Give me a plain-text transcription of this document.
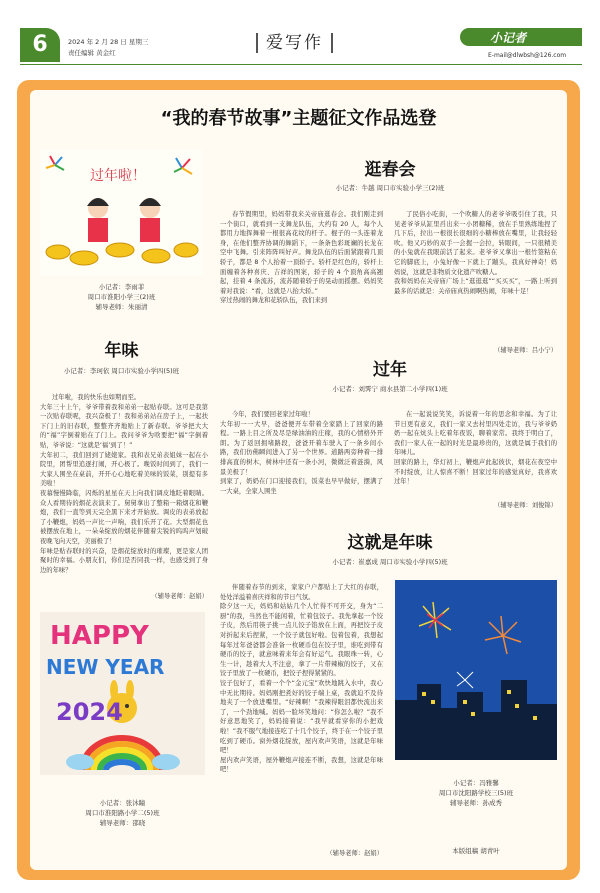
6	2024 年 2 月 28 日 星期三
责任编辑 黄金红	爱写作	小记者
E-mail@dlwbsh@126.com
“我的春节故事”主题征文作品选登
过年啦！
小记者：李雨菲
周口市淮阳小学三(2)班
辅导老师：朱丽清
逛春会
小记者：牛越 周口市实验小学三(2)班

春节假期里，妈妈带我来关帝庙逛春会。我们刚走到一个街口，就看到一支舞龙队伍，大约有 20 人，每个人都用力地挥舞着一根很高花纹的杆子。棍子的一头连着龙身，在他们整齐协调的舞蹈下，一条条色彩斑斓的长龙在空中飞舞。引来阵阵叫好声。舞龙队伍的后面紧跟着几顶轿子，都是 8 个人抬着一顶轿子。轿杆是红色的，轿杆上面缠着各种喜庆、吉祥的图案，轿子的 4 个顶角高高翘起，挂着 4 条流苏，流苏随着轿子的晃动而摇摆。妈妈笑着对我说：“看，这就是八抬大轿。”
穿过热闹的舞龙和花轿队伍，我们来到

了民俗小吃街，一个吹糖人的老爷爷吸引住了我，只见老爷爷从缸里舀出来一小团糖稀，放在手里熟练地捏了几下后，拉出一根很长很细的小糖棒放在嘴里，让我轻轻吹。他又巧妙的双手一会握一会拉，转眼间，一只很精美的小兔就在我眼前活了起来。老爷爷又拿出一根竹签粘在它的脚底上，小兔好像一下就上了蹦头，我真好神奇！妈妈说，这就是非物质文化遗产吹糖人。
我和妈妈在关帝庙广场上“逛逛逛”“买买买”，一路上听到最多的话就是：关帝庙真热闹啊热闹，年味十足！

（辅导老师：吕小宁）
年味
小记者：李珂依 周口市实验小学四(5)班

过年啦，我的快乐也如期而至。
大年三十上午，爷爷带着我和弟弟一起贴春联。这可是我第一次贴春联呢，我兴奋极了！我和弟弟站在房子上，一起扶下门上的旧春联，整整齐齐地贴上了新春联。爷爷把大大的“福”字倒着贴在了门上。我问爷爷为啥要把“福”字倒着贴，爷爷说：“这就是‘福’到了！”
大年初二，我们回到了姥姥家。我和表兄弟表姐妹一起在小院里，团帮里追逐打闹，开心极了。晚饭时间到了，我们一大家人围坐在桌前，开开心心地吃着美味的饭菜，别提有多美啦！
夜幕慢慢降临，闪烁的星星在天上向我们调皮地眨着眼睛。众人看期待的烟花表演来了。舅舅拿出了整箱一箱烟花和鞭炮，我们一直等到天完全黑下来才开始放。调皮的表弟放起了小鞭炮，妈妈一声比一声响，我们乐开了花。大型烟花也被摆放在地上，一朵朵绽放的烟花伴随着尖锐的呜呜声划破夜晚飞向天空，美丽极了！
年味是贴春联时的兴奋，是烟花绽放时的璀璨，更是家人团聚时的幸福。小朋友们，你们是否同我一样，也感受到了身边的年味？

（辅导老师：赵娟）
过年
小记者：刘霁宁 商水县第二小学四(1)班

今年，我们要回老家过年啦！
大年初一一大早，爸爸便开车带着全家踏上了回家的路程。一路上目之所及尽是绿油油的庄稼，我的心情格外开朗。为了返回拥堵路段，爸爸开着车驶入了一条乡间小路，我们仿佛瞬间进入了另一个世界。道路两旁种着一排排高直的树木，树林中还有一条小河，微微泛着涟漪，风景美极了！
到家了，奶奶在门口迎接我们，饭菜也早早做好，摆满了一大桌，全家人围坐

在一起说说笑笑，诉说着一年的思念和幸福。为了让节日更有意义，我们一家又去村里四处走访，我与爷爷奶奶一起在炕头上吃着年夜饭，聊着家常。我终于明白了，我们一家人在一起的时光是最珍贵的，这就是属于我们的年味儿。
回家的路上，华灯初上，鞭炮声此起彼伏，烟花在夜空中不时绽放，让人惊喜不断！回家过年的感觉真好，我喜欢过年！

（辅导老师：刘俊锦）
这就是年味
小记者：崔嘉成 周口市实验小学四(5)班

伴随着春节的到来，家家户户都贴上了大红的春联，处处洋溢着喜庆祥和的节日气氛。
除夕这一天，妈妈和姑姑几个人忙得不可开交，身为“二厨”的我，当然也不能闲着，忙着包饺子。我先拿起一个饺子皮，然后用筷子挑一点儿饺子馅放在上面，再把饺子皮对折起来后捏紧，一个饺子就包好啦。包着包着，我想起每年过年爸爸都会准备一枚硬币包在饺子里，谁吃到带有硬币的饺子，就意味着来年会有好运气。我眼珠一转，心生一计，趁着大人不注意，拿了一片带辣椒的饺子，又在饺子里放了一枚硬币，把饺子捏得紧紧的。
饺子包好了，看着一个个“金元宝”欢快地跳入水中，我心中无比期待。妈妈刚把煮好的饺子端上桌，我就迫不及待地夹了一个放进嘴里。“好辣啊！”我辣得眼泪都快流出来了，一个劲地喊。妈妈一脸坏笑地问：“你怎么啦？”我不好意思地笑了，妈妈接着说：“我早就看穿你的小把戏啦！”我不服气地接连吃了十几个饺子，终于在一个饺子里吃到了硬币。窗外烟花绽放，屋内欢声笑语，这就是年味吧！
屋内欢声笑语，屋外鞭炮声接连不断，我想，这就是年味吧！

（辅导老师：赵娟）
HAPPY
NEW YEAR
2024
小记者：张沐瞳
周口市淮阳路小学二(5)班
辅导老师：邵晓
小记者：冯雅馨
周口市沈阳路学校三(5)班
辅导老师：孙成秀
本版组稿 胡青叶
